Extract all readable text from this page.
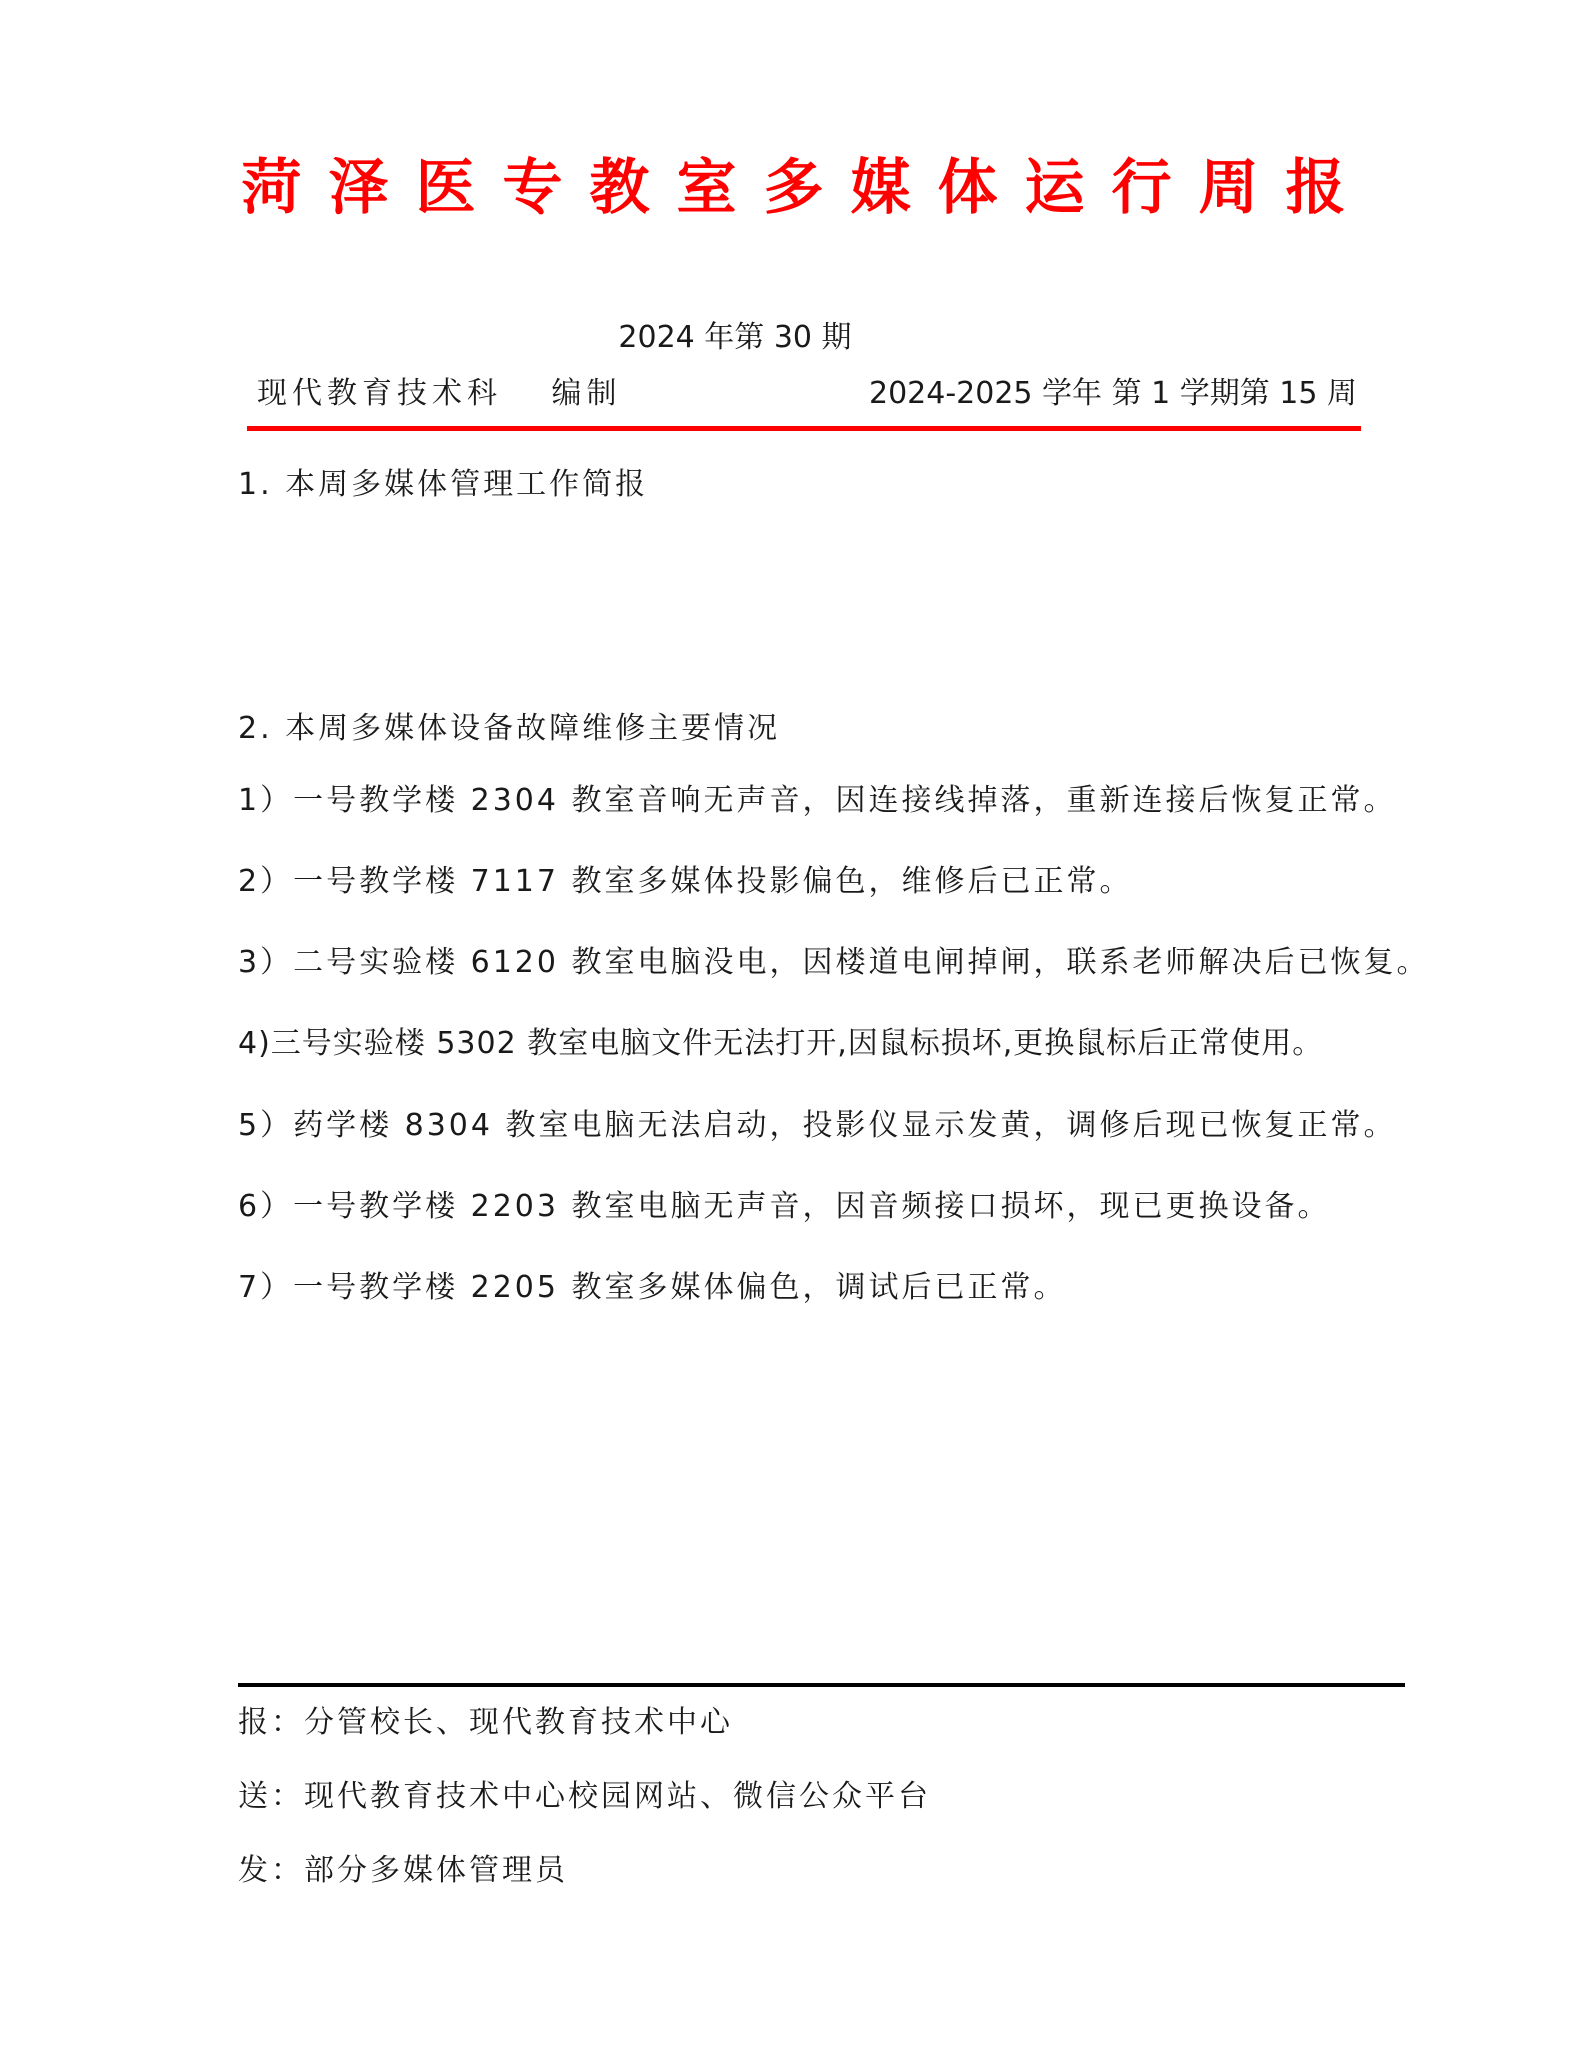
菏泽医专教室多媒体运行周报
2024 年第 30 期
现代教育技术科　 编制	2024-2025 学年 第 1 学期第 15 周
1. 本周多媒体管理工作简报
2. 本周多媒体设备故障维修主要情况
1）一号教学楼 2304 教室音响无声音，因连接线掉落，重新连接后恢复正常。
2）一号教学楼 7117 教室多媒体投影偏色，维修后已正常。
3）二号实验楼 6120 教室电脑没电，因楼道电闸掉闸，联系老师解决后已恢复。
4)三号实验楼 5302 教室电脑文件无法打开,因鼠标损坏,更换鼠标后正常使用。
5）药学楼 8304 教室电脑无法启动，投影仪显示发黄，调修后现已恢复正常。
6）一号教学楼 2203 教室电脑无声音，因音频接口损坏，现已更换设备。
7）一号教学楼 2205 教室多媒体偏色，调试后已正常。
报：分管校长、现代教育技术中心
送：现代教育技术中心校园网站、微信公众平台
发：部分多媒体管理员
